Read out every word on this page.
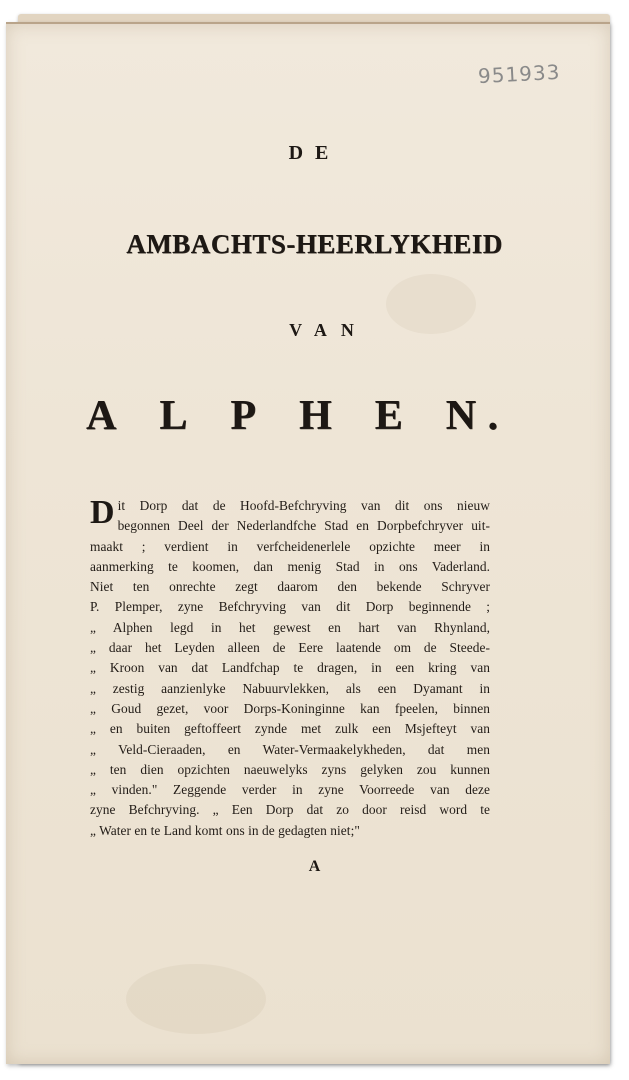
951933
DE
AMBACHTS-HEERLYKHEID
VAN
A L P H E N .
D it Dorp dat de Hoofd-Befchryving van dit ons nieuw
begonnen Deel der Nederlandfche Stad en Dorpbefchryver uit-
maakt ; verdient in verfcheidenerlele opzichte meer in
aanmerking te koomen, dan menig Stad in ons Vaderland.
Niet ten onrechte zegt daarom den bekende Schryver
P. Plemper, zyne Befchryving van dit Dorp beginnende ;
„ Alphen legd in het gewest en hart van Rhynland,
„ daar het Leyden alleen de Eere laatende om de Steede-
„ Kroon van dat Landfchap te dragen, in een kring van
„ zestig aanzienlyke Nabuurvlekken, als een Dyamant in
„ Goud gezet, voor Dorps-Koninginne kan fpeelen, binnen
„ en buiten geftoffeert zynde met zulk een Msjefteyt van
„ Veld-Cieraaden, en Water-Vermaakelykheden, dat men
„ ten dien opzichten naeuwelyks zyns gelyken zou kunnen
„ vinden." Zeggende verder in zyne Voorreede van deze
zyne Befchryving. „ Een Dorp dat zo door reisd word te
„ Water en te Land komt ons in de gedagten niet;"
A
